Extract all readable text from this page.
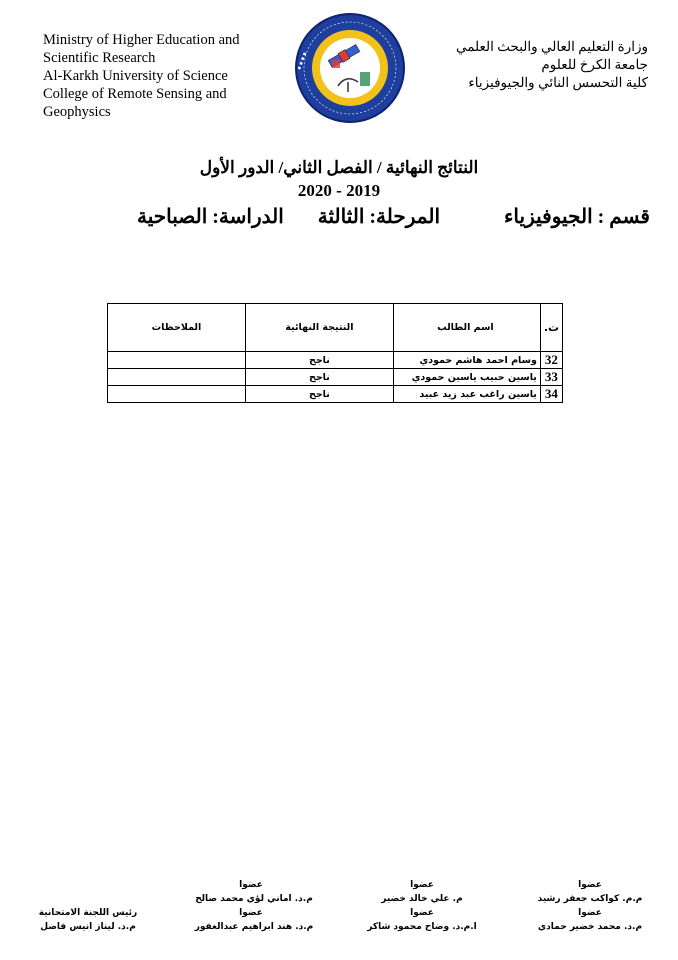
Ministry of Higher Education and
Scientific Research
Al-Karkh University of Science
College of Remote Sensing and
Geophysics
▪ ▪ ▪ ▪
وزارة التعليم العالي والبحث العلمي
جامعة الكرخ للعلوم
كلية التحسس النائي والجيوفيزياء
النتائج النهائية / الفصل الثاني/ الدور الأول
2020 - 2019
قسم : الجيوفيزياء
المرحلة: الثالثة
الدراسة: الصباحية
ت.	اسم الطالب	النتيجة النهائية	الملاحظات
32	وسام احمد هاشم حمودي	ناجح	
33	ياسين حبيب ياسين حمودي	ناجح	
34	ياسين راغب عبد زيد عبيد	ناجح	
عضوا
م.م. كواكب جعفر رشيد
عضوا
م.د. محمد خضير حمادي
عضوا
م. علي خالد خضير
عضوا
ا.م.د. وضاح محمود شاكر
عضوا
م.د. اماني لؤي محمد صالح
عضوا
م.د. هند ابراهيم عبدالغفور
رئيس اللجنة الامتحانية
م.د. ليناز انيس فاضل
